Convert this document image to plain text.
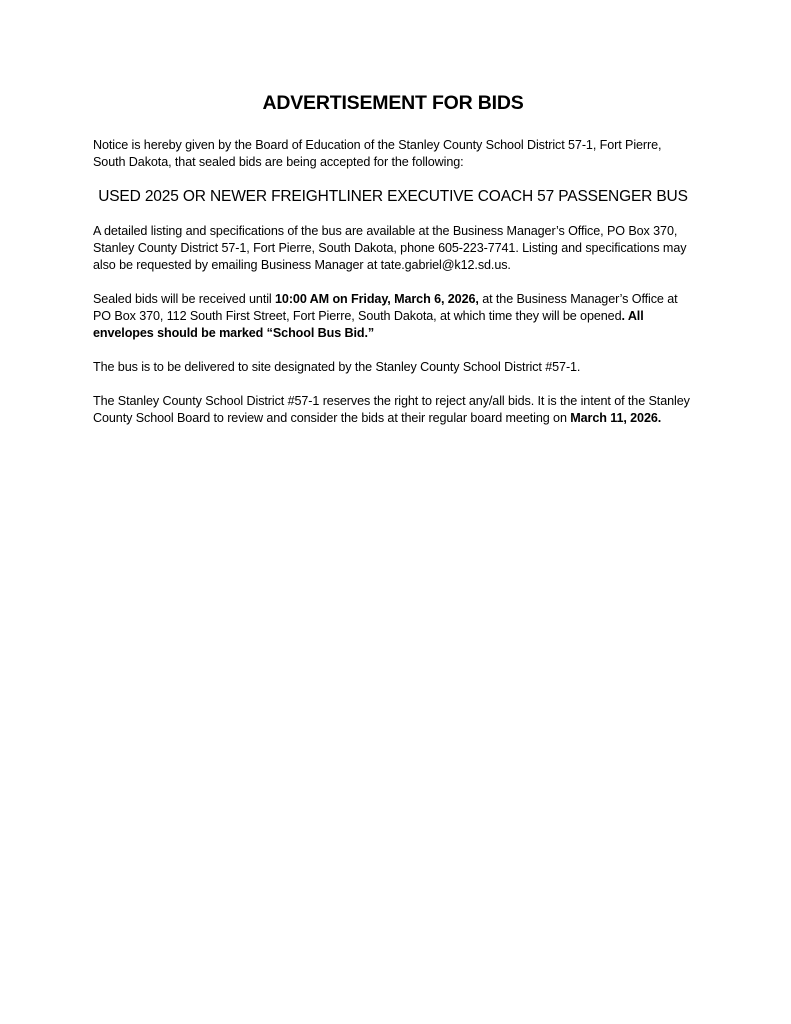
ADVERTISEMENT FOR BIDS

Notice is hereby given by the Board of Education of the Stanley County School District 57-1, Fort Pierre, South Dakota, that sealed bids are being accepted for the following:

USED 2025 OR NEWER FREIGHTLINER EXECUTIVE COACH 57 PASSENGER BUS

A detailed listing and specifications of the bus are available at the Business Manager’s Office, PO Box 370, Stanley County District 57-1, Fort Pierre, South Dakota, phone 605-223-7741. Listing and specifications may also be requested by emailing Business Manager at tate.gabriel@k12.sd.us.

Sealed bids will be received until 10:00 AM on Friday, March 6, 2026, at the Business Manager’s Office at PO Box 370, 112 South First Street, Fort Pierre, South Dakota, at which time they will be opened. All envelopes should be marked “School Bus Bid.”

The bus is to be delivered to site designated by the Stanley County School District #57-1.

The Stanley County School District #57-1 reserves the right to reject any/all bids. It is the intent of the Stanley County School Board to review and consider the bids at their regular board meeting on March 11, 2026.
